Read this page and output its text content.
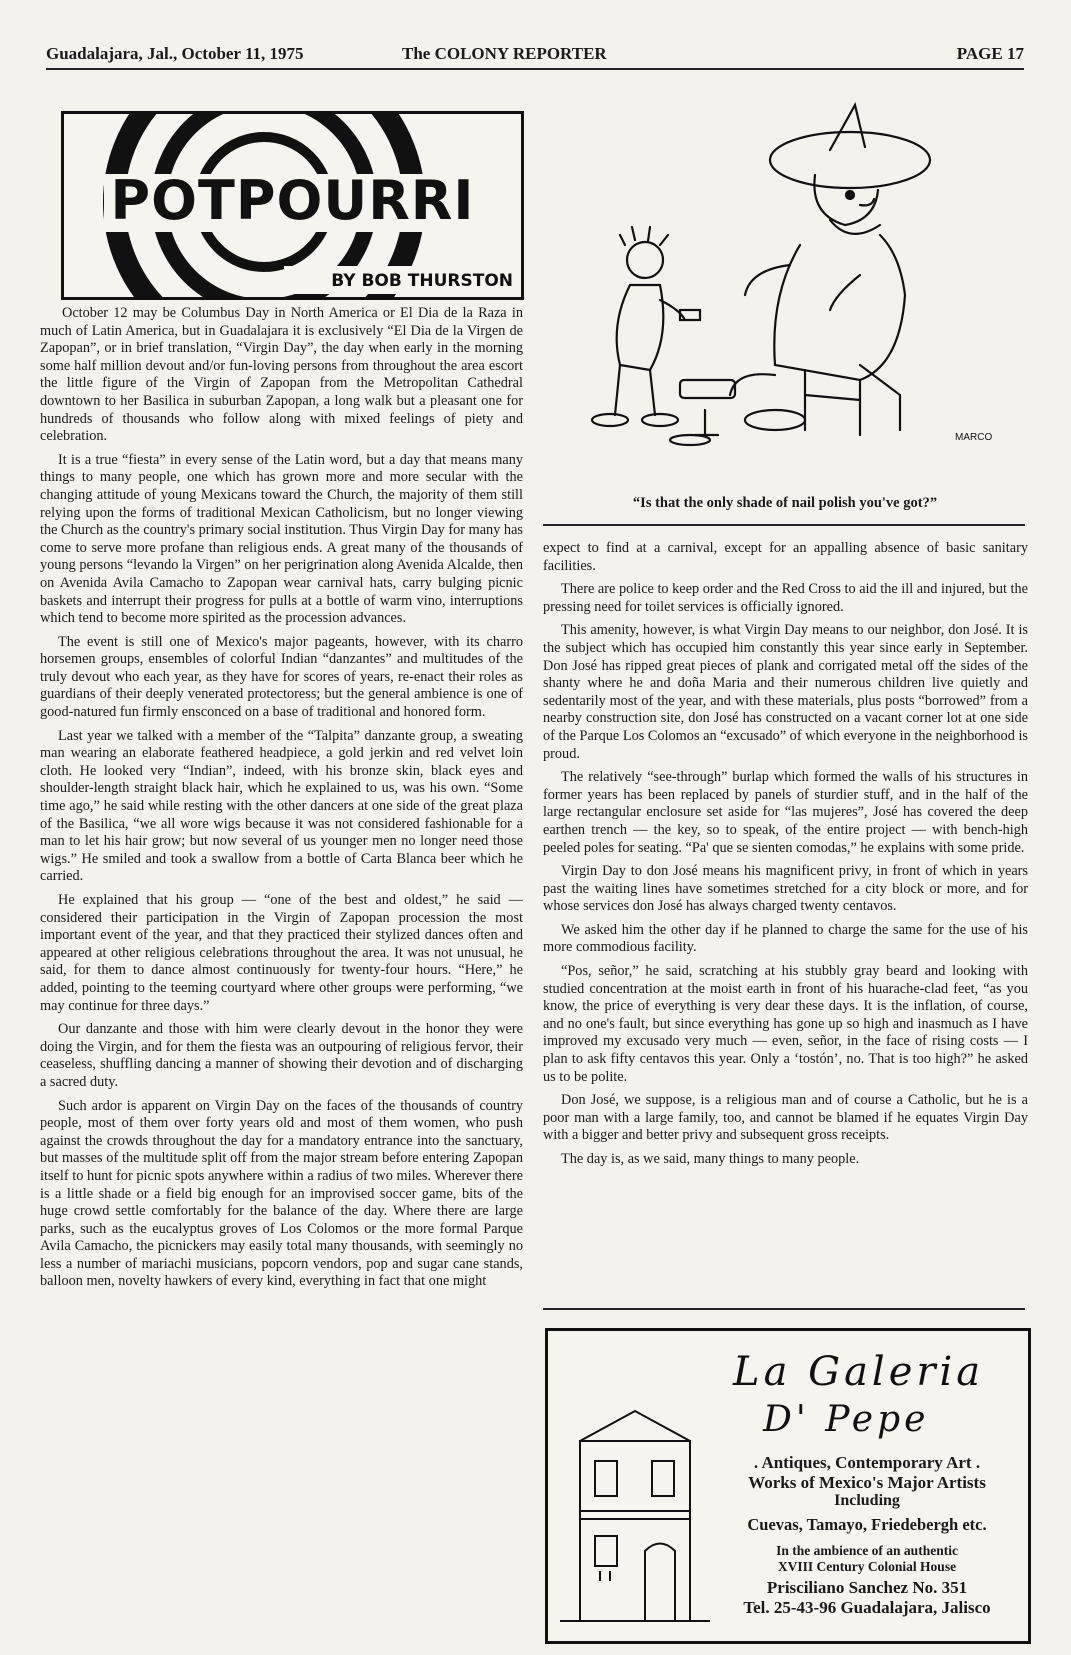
Guadalajara, Jal., October 11, 1975	The COLONY REPORTER	PAGE 17
POTPOURRI
BY BOB THURSTON

October 12 may be Columbus Day in North America or El Dia de la Raza in much of Latin America, but in Guadalajara it is exclusively “El Dia de la Virgen de Zapopan”, or in brief translation, “Virgin Day”, the day when early in the morning some half million devout and/or fun-loving persons from throughout the area escort the little figure of the Virgin of Zapopan from the Metropolitan Cathedral downtown to her Basilica in suburban Zapopan, a long walk but a pleasant one for hundreds of thousands who follow along with mixed feelings of piety and celebration.

It is a true “fiesta” in every sense of the Latin word, but a day that means many things to many people, one which has grown more and more secular with the changing attitude of young Mexicans toward the Church, the majority of them still relying upon the forms of traditional Mexican Catholicism, but no longer viewing the Church as the country's primary social institution. Thus Virgin Day for many has come to serve more profane than religious ends. A great many of the thousands of young persons “levando la Virgen” on her perigrination along Avenida Alcalde, then on Avenida Avila Camacho to Zapopan wear carnival hats, carry bulging picnic baskets and interrupt their progress for pulls at a bottle of warm vino, interruptions which tend to become more spirited as the procession advances.

The event is still one of Mexico's major pageants, however, with its charro horsemen groups, ensembles of colorful Indian “danzantes” and multitudes of the truly devout who each year, as they have for scores of years, re-enact their roles as guardians of their deeply venerated protectoress; but the general ambience is one of good-natured fun firmly ensconced on a base of traditional and honored form.

Last year we talked with a member of the “Talpita” danzante group, a sweating man wearing an elaborate feathered headpiece, a gold jerkin and red velvet loin cloth. He looked very “Indian”, indeed, with his bronze skin, black eyes and shoulder-length straight black hair, which he explained to us, was his own. “Some time ago,” he said while resting with the other dancers at one side of the great plaza of the Basilica, “we all wore wigs because it was not considered fashionable for a man to let his hair grow; but now several of us younger men no longer need those wigs.” He smiled and took a swallow from a bottle of Carta Blanca beer which he carried.

He explained that his group — “one of the best and oldest,” he said — considered their participation in the Virgin of Zapopan procession the most important event of the year, and that they practiced their stylized dances often and appeared at other religious celebrations throughout the area. It was not unusual, he said, for them to dance almost continuously for twenty-four hours. “Here,” he added, pointing to the teeming courtyard where other groups were performing, “we may continue for three days.”

Our danzante and those with him were clearly devout in the honor they were doing the Virgin, and for them the fiesta was an outpouring of religious fervor, their ceaseless, shuffling dancing a manner of showing their devotion and of discharging a sacred duty.

Such ardor is apparent on Virgin Day on the faces of the thousands of country people, most of them over forty years old and most of them women, who push against the crowds throughout the day for a mandatory entrance into the sanctuary, but masses of the multitude split off from the major stream before entering Zapopan itself to hunt for picnic spots anywhere within a radius of two miles. Wherever there is a little shade or a field big enough for an improvised soccer game, bits of the huge crowd settle comfortably for the balance of the day. Where there are large parks, such as the eucalyptus groves of Los Colomos or the more formal Parque Avila Camacho, the picnickers may easily total many thousands, with seemingly no less a number of mariachi musicians, popcorn vendors, pop and sugar cane stands, balloon men, novelty hawkers of every kind, everything in fact that one might

MARCO
“Is that the only shade of nail polish you've got?”

expect to find at a carnival, except for an appalling absence of basic sanitary facilities.

There are police to keep order and the Red Cross to aid the ill and injured, but the pressing need for toilet services is officially ignored.

This amenity, however, is what Virgin Day means to our neighbor, don José. It is the subject which has occupied him constantly this year since early in September. Don José has ripped great pieces of plank and corrigated metal off the sides of the shanty where he and doña Maria and their numerous children live quietly and sedentarily most of the year, and with these materials, plus posts “borrowed” from a nearby construction site, don José has constructed on a vacant corner lot at one side of the Parque Los Colomos an “excusado” of which everyone in the neighborhood is proud.

The relatively “see-through” burlap which formed the walls of his structures in former years has been replaced by panels of sturdier stuff, and in the half of the large rectangular enclosure set aside for “las mujeres”, José has covered the deep earthen trench — the key, so to speak, of the entire project — with bench-high peeled poles for seating. “Pa' que se sienten comodas,” he explains with some pride.

Virgin Day to don José means his magnificent privy, in front of which in years past the waiting lines have sometimes stretched for a city block or more, and for whose services don José has always charged twenty centavos.

We asked him the other day if he planned to charge the same for the use of his more commodious facility.

“Pos, señor,” he said, scratching at his stubbly gray beard and looking with studied concentration at the moist earth in front of his huarache-clad feet, “as you know, the price of everything is very dear these days. It is the inflation, of course, and no one's fault, but since everything has gone up so high and inasmuch as I have improved my excusado very much — even, señor, in the face of rising costs — I plan to ask fifty centavos this year. Only a ‘tostón’, no. That is too high?” he asked us to be polite.

Don José, we suppose, is a religious man and of course a Catholic, but he is a poor man with a large family, too, and cannot be blamed if he equates Virgin Day with a bigger and better privy and subsequent gross receipts.

The day is, as we said, many things to many people.

La Galeria
D' Pepe
. Antiques, Contemporary Art .
Works of Mexico's Major Artists
Including
Cuevas, Tamayo, Friedebergh etc.
In the ambience of an authentic
XVIII Century Colonial House
Prisciliano Sanchez No. 351
Tel. 25-43-96 Guadalajara, Jalisco
